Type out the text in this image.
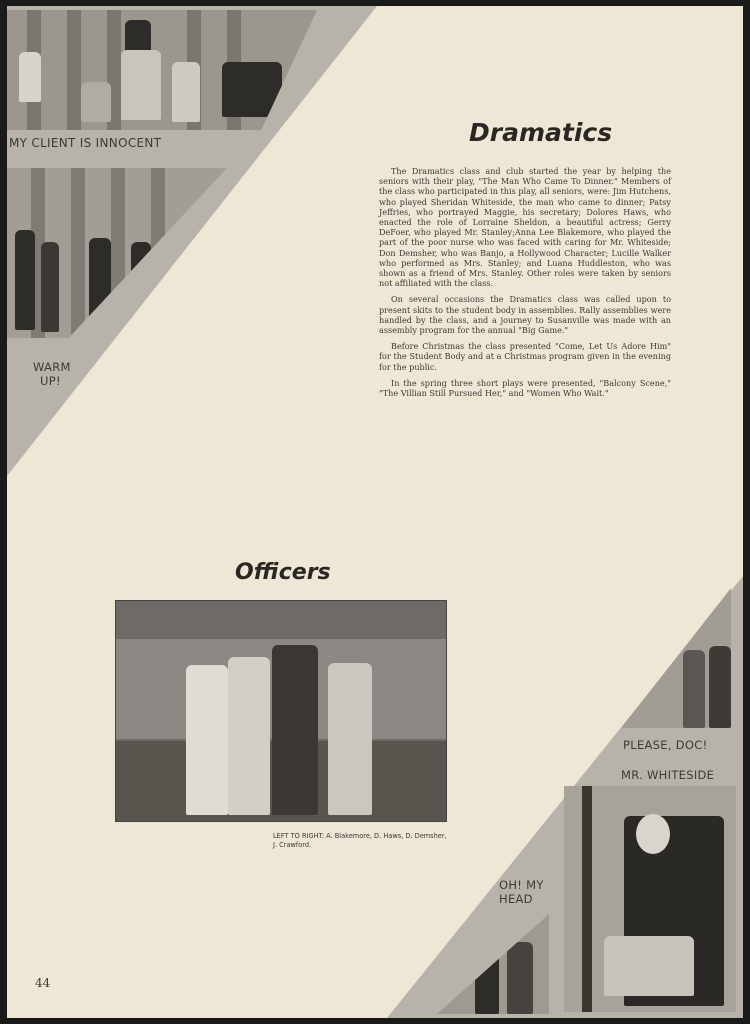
MY CLIENT IS INNOCENT
WARM
UP!
PLEASE, DOC!
MR. WHITESIDE
OH! MY
HEAD
Dramatics

The Dramatics class and club started the year by helping the seniors with their play, "The Man Who Came To Dinner." Members of the class who participated in this play, all seniors, were: Jim Hutchens, who played Sheridan Whiteside, the man who came to dinner; Patsy Jeffries, who portrayed Maggie, his secretary; Dolores Haws, who enacted the role of Lorraine Sheldon, a beautiful actress; Gerry DeFoer, who played Mr. Stanley;Anna Lee Blakemore, who played the part of the poor nurse who was faced with caring for Mr. Whiteside; Don Demsher, who was Banjo, a Hollywood Character; Lucille Walker who performed as Mrs. Stanley; and Luana Huddleston, who was shown as a friend of Mrs. Stanley. Other roles were taken by seniors not affiliated with the class.

On several occasions the Dramatics class was called upon to present skits to the student body in assemblies. Rally assemblies were handled by the class, and a journey to Susanville was made with an assembly program for the annual "Big Game."

Before Christmas the class presented "Come, Let Us Adore Him" for the Student Body and at a Christmas program given in the evening for the public.

In the spring three short plays were presented, "Balcony Scene," "The Villian Still Pursued Her," and "Women Who Wait."

Officers
LEFT TO RIGHT: A. Blakemore, D. Haws, D. Demsher, J. Crawford.
44
